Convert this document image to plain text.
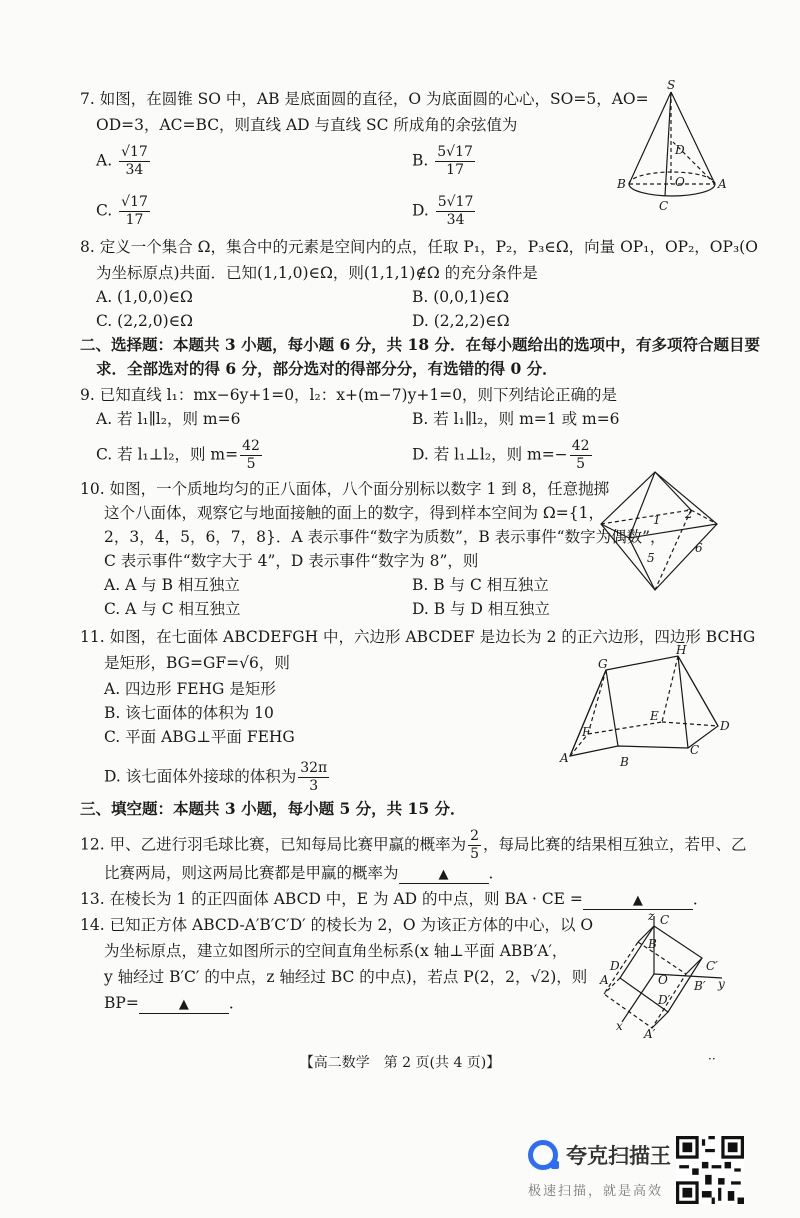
7. 如图，在圆锥 SO 中，AB 是底面圆的直径，O 为底面圆的心心，SO=5，AO=
OD=3，AC=BC，则直线 AD 与直线 SC 所成角的余弦值为
A. $\frac{√17}{34}$	B. $\frac{5√17}{17}$
C. $\frac{√17}{17}$	D. $\frac{5√17}{34}$
S
D
O
B	A
C
8. 定义一个集合 Ω，集合中的元素是空间内的点，任取 P₁，P₂，P₃∈Ω，向量 OP₁，OP₂，OP₃(O
为坐标原点)共面．已知(1,1,0)∈Ω，则(1,1,1)∉Ω 的充分条件是
A. (1,0,0)∈Ω	B. (0,0,1)∈Ω
C. (2,2,0)∈Ω	D. (2,2,2)∈Ω
二、选择题：本题共 3 小题，每小题 6 分，共 18 分．在每小题给出的选项中，有多项符合题目要
求．全部选对的得 6 分，部分选对的得部分分，有选错的得 0 分．
9. 已知直线 l₁：mx−6y+1=0，l₂：x+(m−7)y+1=0，则下列结论正确的是
A. 若 l₁∥l₂，则 m=6	B. 若 l₁∥l₂，则 m=1 或 m=6
C. 若 l₁⊥l₂，则 $m= \frac{42}{5}$	D. 若 l₁⊥l₂，则 $m=- \frac{42}{5}$
10. 如图，一个质地均匀的正八面体，八个面分别标以数字 1 到 8，任意抛掷
这个八面体，观察它与地面接触的面上的数字，得到样本空间为 Ω={1，
2，3，4，5，6，7，8}．A 表示事件“数字为质数”，B 表示事件“数字为偶数”，
C 表示事件“数字大于 4”，D 表示事件“数字为 8”，则
A. A 与 B 相互独立	B. B 与 C 相互独立
C. A 与 C 相互独立	D. B 与 D 相互独立
1 2
5
6
11. 如图，在七面体 ABCDEFGH 中，六边形 ABCDEF 是边长为 2 的正六边形，四边形 BCHG
是矩形，BG=GF=√6，则
A. 四边形 FEHG 是矩形
B. 该七面体的体积为 10
C. 平面 ABG⊥平面 FEHG
D. 该七面体外接球的体积为 $\frac{32\pi}{3}$
G
H
F
E
D
A	B
C
三、填空题：本题共 3 小题，每小题 5 分，共 15 分．
12. 甲、乙进行羽毛球比赛，已知每局比赛甲赢的概率为 $\frac{2}{5}$ ，每局比赛的结果相互独立，若甲、乙
比赛两局，则这两局比赛都是甲赢的概率为	▲	．
13. 在棱长为 1 的正四面体 ABCD 中，E 为 AD 的中点，则 BA · CE =	▲	．
14. 已知正方体 ABCD-A′B′C′D′ 的棱长为 2，O 为该正方体的中心，以 O
为坐标原点，建立如图所示的空间直角坐标系(x 轴⊥平面 ABB′A′，
y 轴经过 B′C′ 的中点，z 轴经过 BC 的中点)，若点 P(2，2，√2)，则
BP=	▲	．
z C
B
D
A	O
C′
y
B′
D′
A′
x
【高二数学　第 2 页(共 4 页)】	··
夸克扫描王
极速扫描，就是高效
